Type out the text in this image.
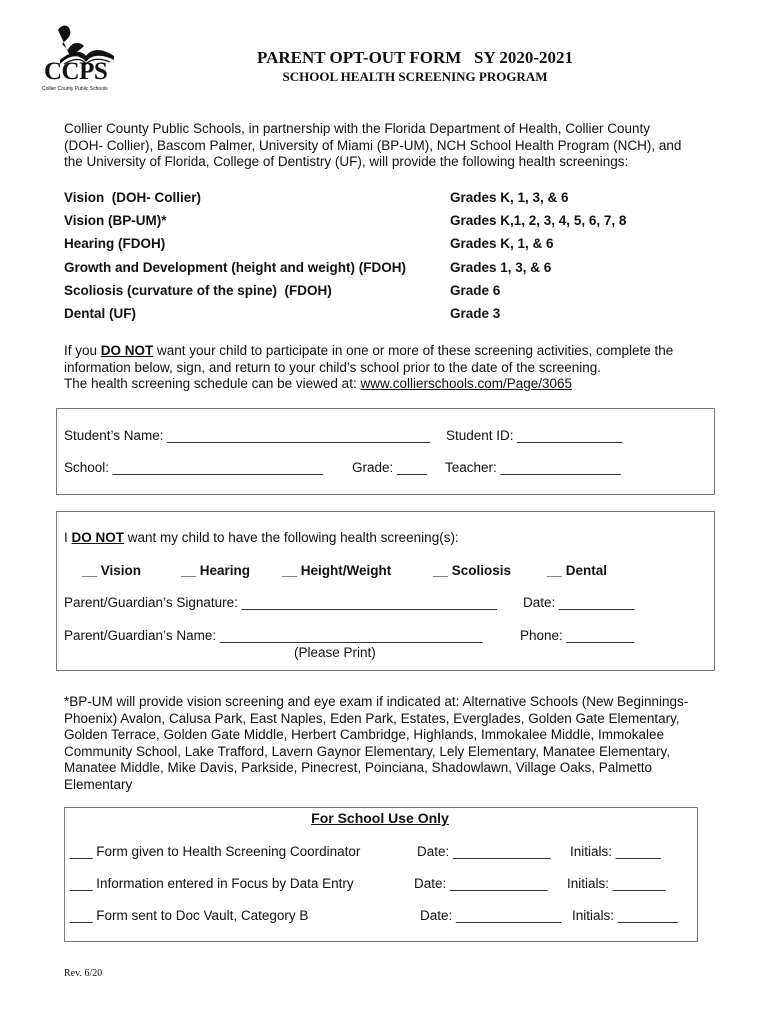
CCPS
Collier County Public Schools
PARENT OPT-OUT FORM   SY 2020-2021
SCHOOL HEALTH SCREENING PROGRAM
Collier County Public Schools, in partnership with the Florida Department of Health, Collier County
(DOH- Collier), Bascom Palmer, University of Miami (BP-UM), NCH School Health Program (NCH), and
the University of Florida, College of Dentistry (UF), will provide the following health screenings:
Vision  (DOH- Collier)	Grades K, 1, 3, & 6
Vision (BP-UM)*	Grades K,1, 2, 3, 4, 5, 6, 7, 8
Hearing (FDOH)	Grades K, 1, & 6
Growth and Development (height and weight) (FDOH)	Grades 1, 3, & 6
Scoliosis (curvature of the spine)  (FDOH)	Grade 6
Dental (UF)	Grade 3
If you DO NOT want your child to participate in one or more of these screening activities, complete the
information below, sign, and return to your child’s school prior to the date of the screening.
The health screening schedule can be viewed at: www.collierschools.com/Page/3065
Student’s Name: ___________________________________ Student ID: ______________
School: ____________________________ Grade: ____ Teacher: ________________
I DO NOT want my child to have the following health screening(s):
__ Vision	__ Hearing __ Height/Weight	__ Scoliosis	__ Dental
Parent/Guardian’s Signature: __________________________________ Date: __________
Parent/Guardian’s Name: ___________________________________	Phone: _________
(Please Print)
*BP-UM will provide vision screening and eye exam if indicated at: Alternative Schools (New Beginnings-
Phoenix) Avalon, Calusa Park, East Naples, Eden Park, Estates, Everglades, Golden Gate Elementary,
Golden Terrace, Golden Gate Middle, Herbert Cambridge, Highlands, Immokalee Middle, Immokalee
Community School, Lake Trafford, Lavern Gaynor Elementary, Lely Elementary, Manatee Elementary,
Manatee Middle, Mike Davis, Parkside, Pinecrest, Poinciana, Shadowlawn, Village Oaks, Palmetto
Elementary
For School Use Only
___ Form given to Health Screening Coordinator	Date: _____________ Initials: ______
___ Information entered in Focus by Data Entry	Date: _____________ Initials: _______
___ Form sent to Doc Vault, Category B	Date: ______________ Initials: ________
Rev. 6/20
